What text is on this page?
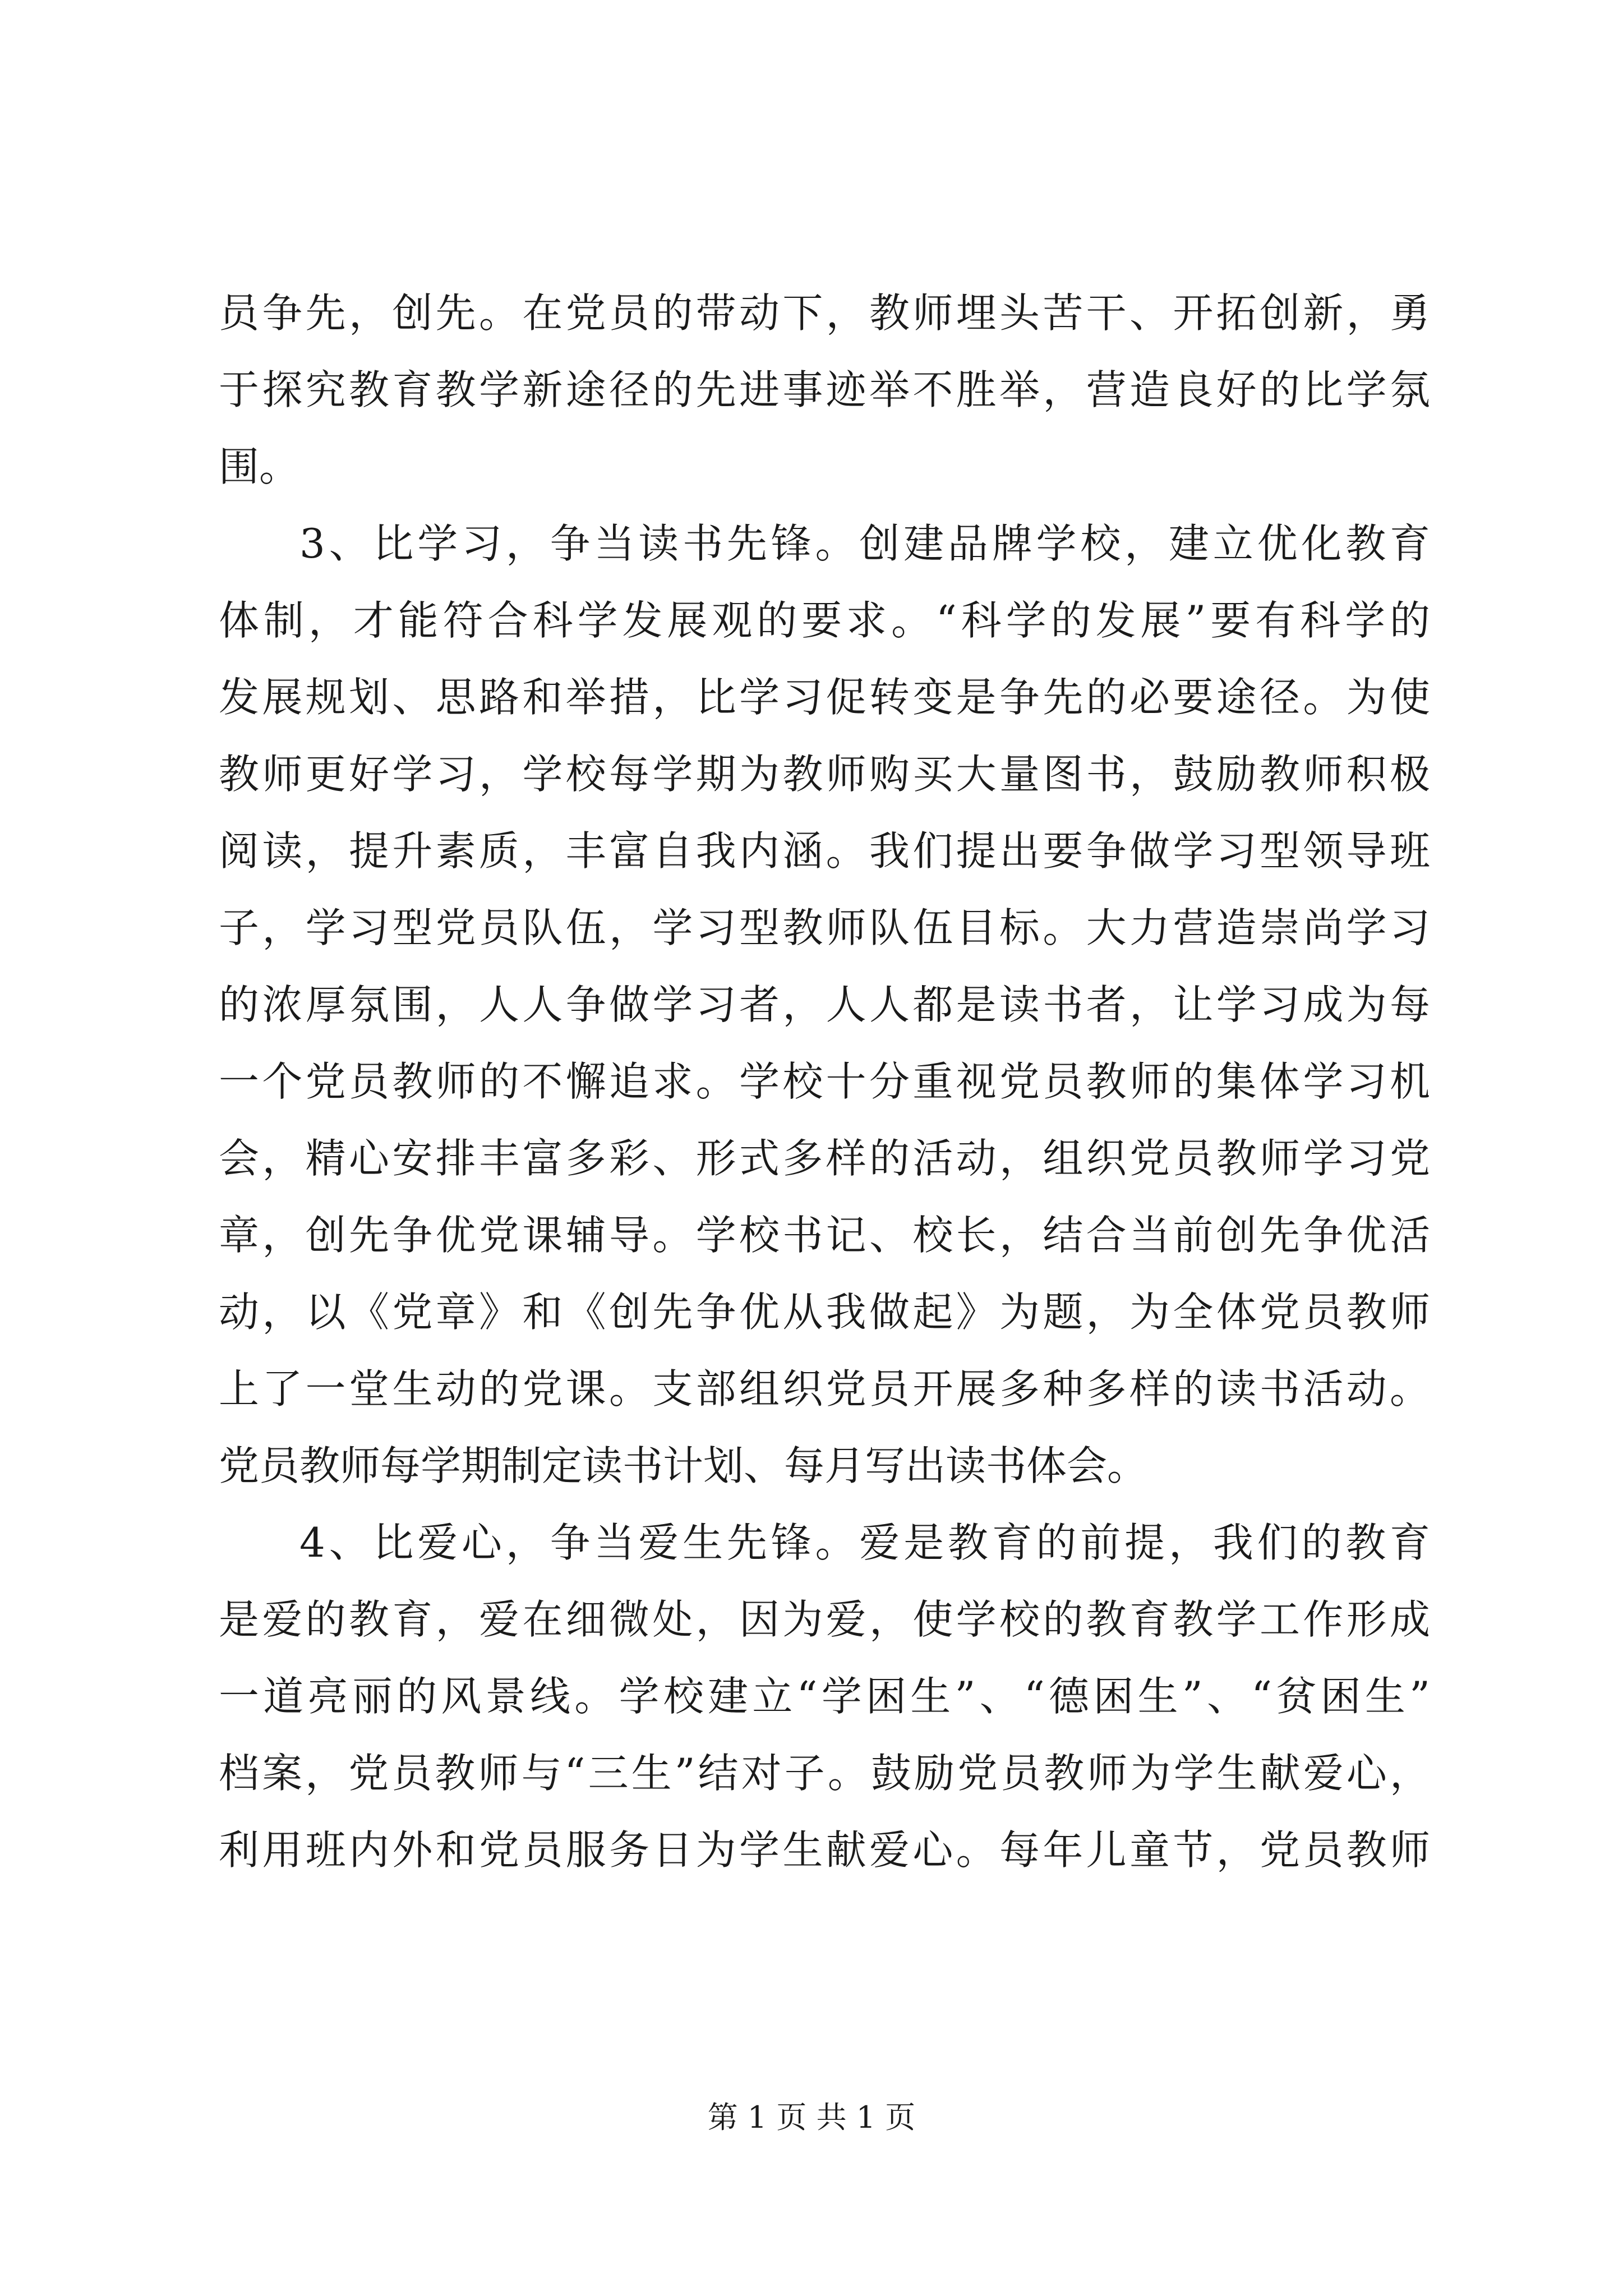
员争先，创先。在党员的带动下，教师埋头苦干、开拓创新，勇
于探究教育教学新途径的先进事迹举不胜举，营造良好的比学氛
围。
3、比学习，争当读书先锋。创建品牌学校，建立优化教育
体制，才能符合科学发展观的要求。“科学的发展”要有科学的
发展规划、思路和举措，比学习促转变是争先的必要途径。为使
教师更好学习，学校每学期为教师购买大量图书，鼓励教师积极
阅读，提升素质，丰富自我内涵。我们提出要争做学习型领导班
子，学习型党员队伍，学习型教师队伍目标。大力营造崇尚学习
的浓厚氛围，人人争做学习者，人人都是读书者，让学习成为每
一个党员教师的不懈追求。学校十分重视党员教师的集体学习机
会，精心安排丰富多彩、形式多样的活动，组织党员教师学习党
章，创先争优党课辅导。学校书记、校长，结合当前创先争优活
动，以《党章》和《创先争优从我做起》为题，为全体党员教师
上了一堂生动的党课。支部组织党员开展多种多样的读书活动。
党员教师每学期制定读书计划、每月写出读书体会。
4、比爱心，争当爱生先锋。爱是教育的前提，我们的教育
是爱的教育，爱在细微处，因为爱，使学校的教育教学工作形成
一道亮丽的风景线。学校建立“学困生”、“德困生”、“贫困生”
档案，党员教师与“三生”结对子。鼓励党员教师为学生献爱心，
利用班内外和党员服务日为学生献爱心。每年儿童节，党员教师
第 1 页 共 1 页
